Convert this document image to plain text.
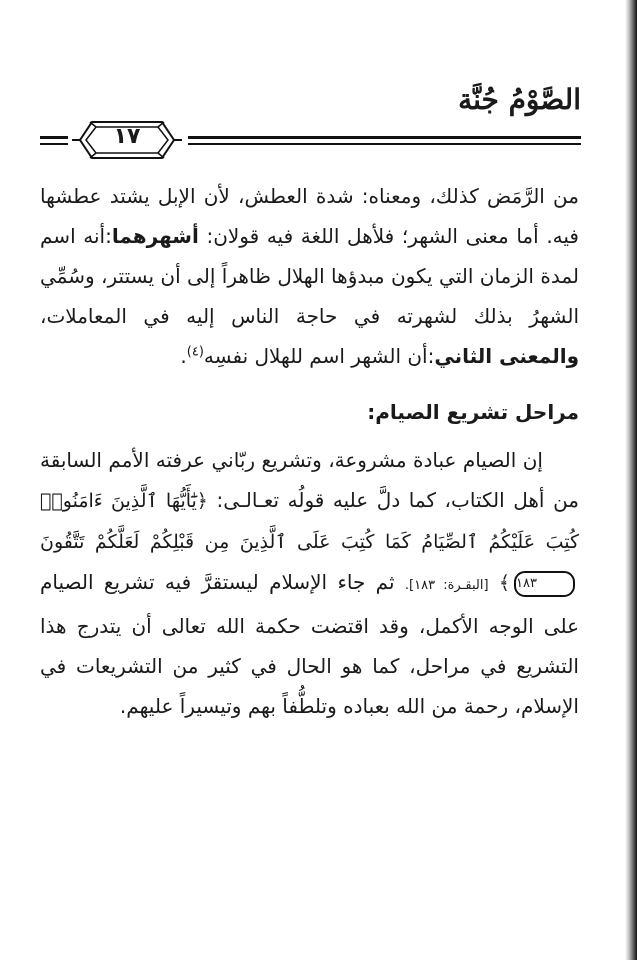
الصَّوْمُ جُنَّة
١٧

من الرَّمَض كذلك، ومعناه: شدة العطش، لأن الإبل يشتد عطشها فيه. أما معنى الشهر؛ فلأهل اللغة فيه قولان: أشهرهما:أنه اسم لمدة الزمان التي يكون مبدؤها الهلال ظاهراً إلى أن يستتر، وسُمِّي الشهرُ بذلك لشهرته في حاجة الناس إليه في المعاملات، والمعنى الثاني:أن الشهر اسم للهلال نفسِه$^{(٤)}$.

مراحل تشريع الصيام:

إن الصيام عبادة مشروعة، وتشريع ربّاني عرفته الأمم السابقة من أهل الكتاب، كما دلَّ عليه قولُه تعـالـى: ﴿يَٰٓأَيُّهَا ٱلَّذِينَ ءَامَنُوا۟ كُتِبَ عَلَيْكُمُ ٱلصِّيَامُ كَمَا كُتِبَ عَلَى ٱلَّذِينَ مِن قَبْلِكُمْ لَعَلَّكُمْ تَتَّقُونَ١٨٣﴾ [البقـرة: ١٨٣]. ثم جاء الإسلام ليستقرَّ فيه تشريع الصيام على الوجه الأكمل، وقد اقتضت حكمة الله تعالى أن يتدرج هذا التشريع في مراحل، كما هو الحال في كثير من التشريعات في الإسلام، رحمة من الله بعباده وتلطُّفاً بهم وتيسيراً عليهم.
